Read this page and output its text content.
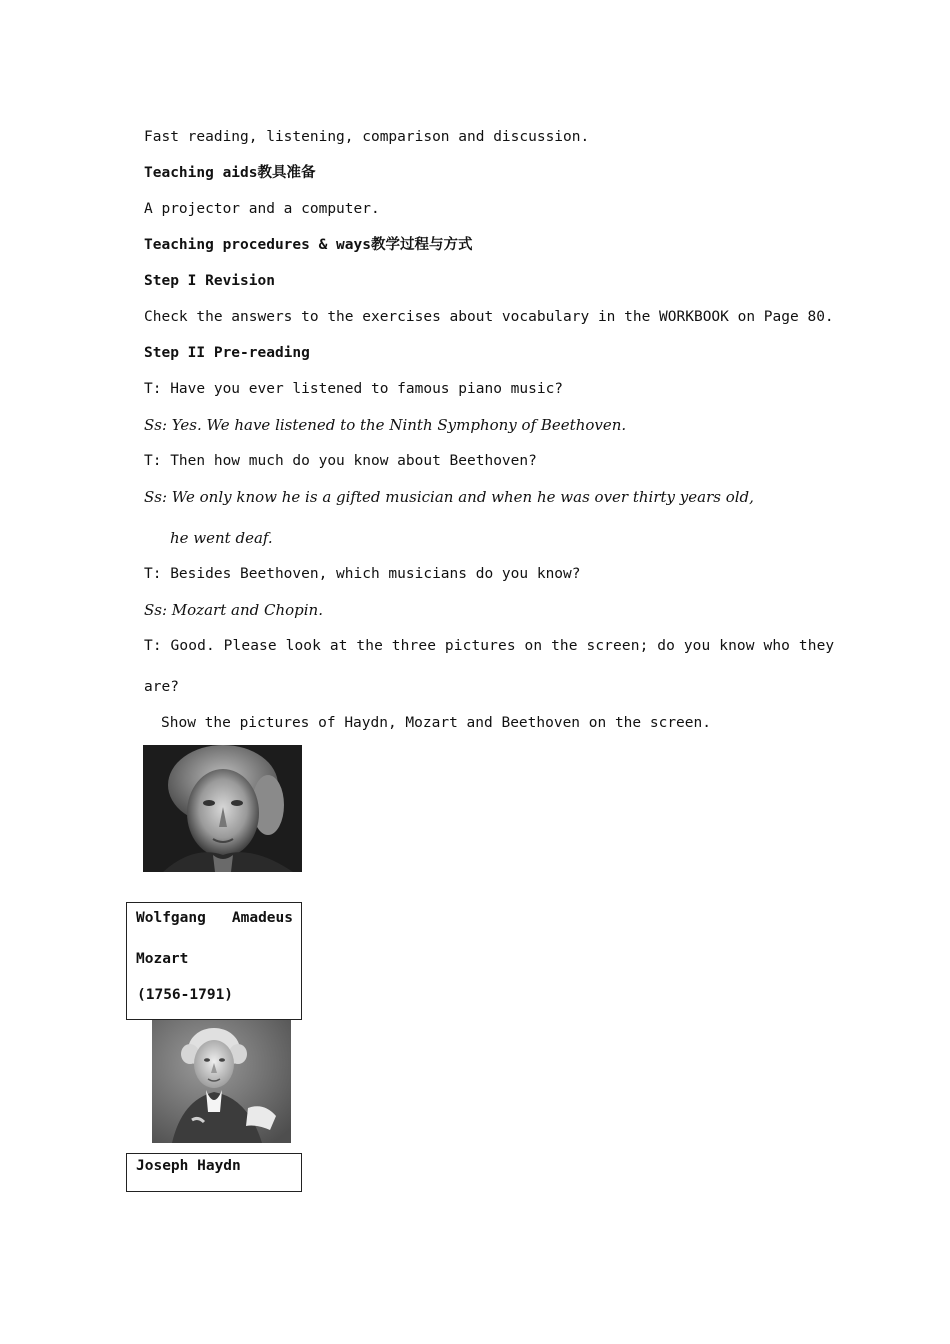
Fast reading, listening, comparison and discussion.
Teaching aids教具准备
A projector and a computer.
Teaching procedures & ways教学过程与方式
Step I Revision
Check the answers to the exercises about vocabulary in the WORKBOOK on Page 80.
Step II Pre-reading
T: Have you ever listened to famous piano music?
Ss: Yes. We have listened to the Ninth Symphony of Beethoven.
T: Then how much do you know about Beethoven?
Ss: We only know he is a gifted musician and when he was over thirty years old,
he went deaf.
T: Besides Beethoven, which musicians do you know?
Ss: Mozart and Chopin.
T: Good. Please look at the three pictures on the screen; do you know who they
are?
Show the pictures of Haydn, Mozart and Beethoven on the screen.
Wolfgang Amadeus
Mozart
(1756-1791)
Joseph Haydn
